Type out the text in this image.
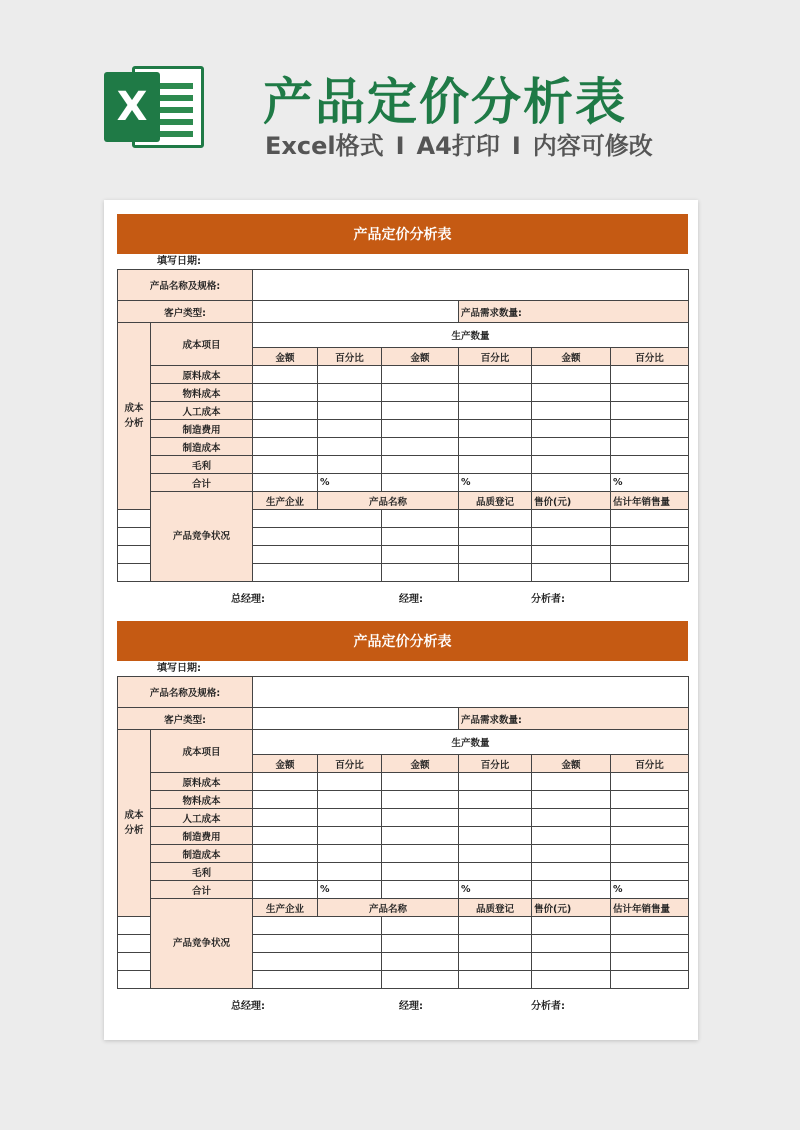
X 产品定价分析表
Excel格式 I A4打印 I 内容可修改
产品定价分析表
填写日期:
产品名称及规格:								
客户类型:					产品需求数量:			
成本分析	成本项目	生产数量						
		金额	百分比	金额	百分比	金额	百分比	
	原料成本							
	物料成本							
	人工成本							
	制造费用							
	制造成本							
	毛利							
	合计		%		%		%	
	产品竞争状况	生产企业	产品名称		品质登记	售价(元)	估计年销售量	

总经理:	经理:	分析者:
产品定价分析表
填写日期:
产品名称及规格:								
客户类型:					产品需求数量:			
成本分析	成本项目	生产数量						
		金额	百分比	金额	百分比	金额	百分比	
	原料成本							
	物料成本							
	人工成本							
	制造费用							
	制造成本							
	毛利							
	合计		%		%		%	
	产品竞争状况	生产企业	产品名称		品质登记	售价(元)	估计年销售量	

总经理:	经理:	分析者:
